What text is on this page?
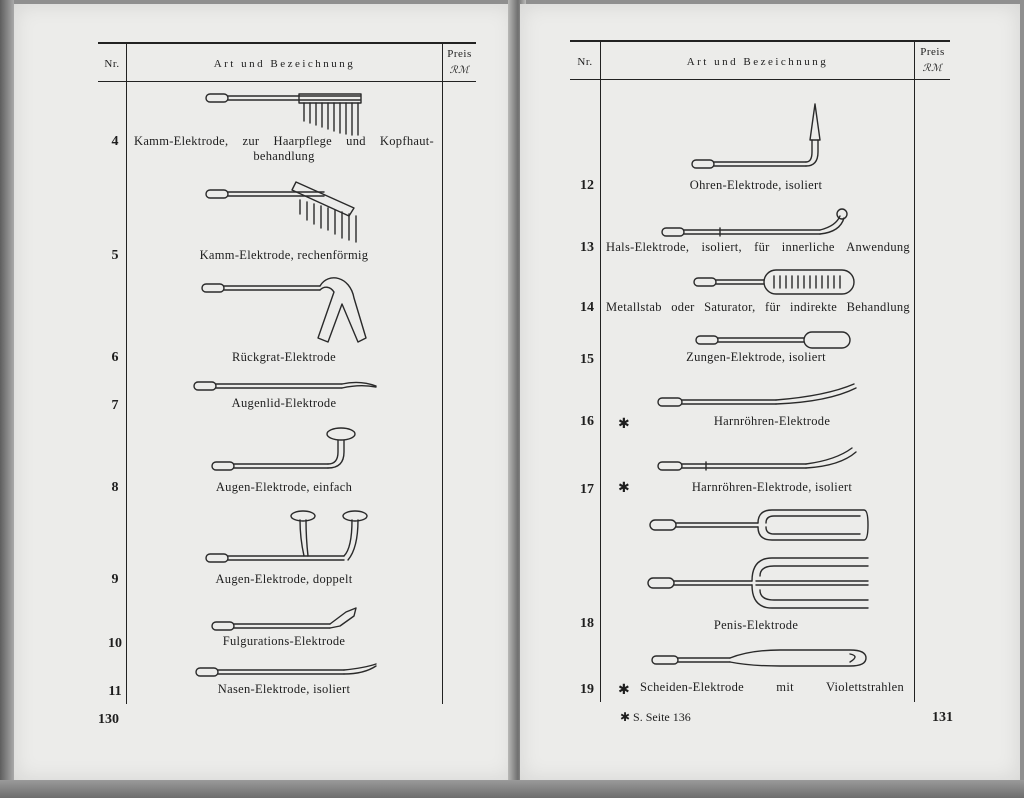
Nr.	Art und Bezeichnung
Preis
ℛℳ
4	Kamm-Elektrode, zur Haarpflege und Kopfhaut-behandlung
5	Kamm-Elektrode, rechenförmig
6	Rückgrat-Elektrode
7	Augenlid-Elektrode
8	Augen-Elektrode, einfach
9	Augen-Elektrode, doppelt
10	Fulgurations-Elektrode
11	Nasen-Elektrode, isoliert
130
Nr.	Art und Bezeichnung
Preis
ℛℳ
12	Ohren-Elektrode, isoliert
13 Hals-Elektrode, isoliert, für innerliche Anwendung
14 Metallstab oder Saturator, für indirekte Behandlung
15	Zungen-Elektrode, isoliert
✱
16	Harnröhren-Elektrode
✱
17	Harnröhren-Elektrode, isoliert
18	Penis-Elektrode
19	✱ Scheiden-Elektrode mit Violettstrahlen
✱ S. Seite 136	131
